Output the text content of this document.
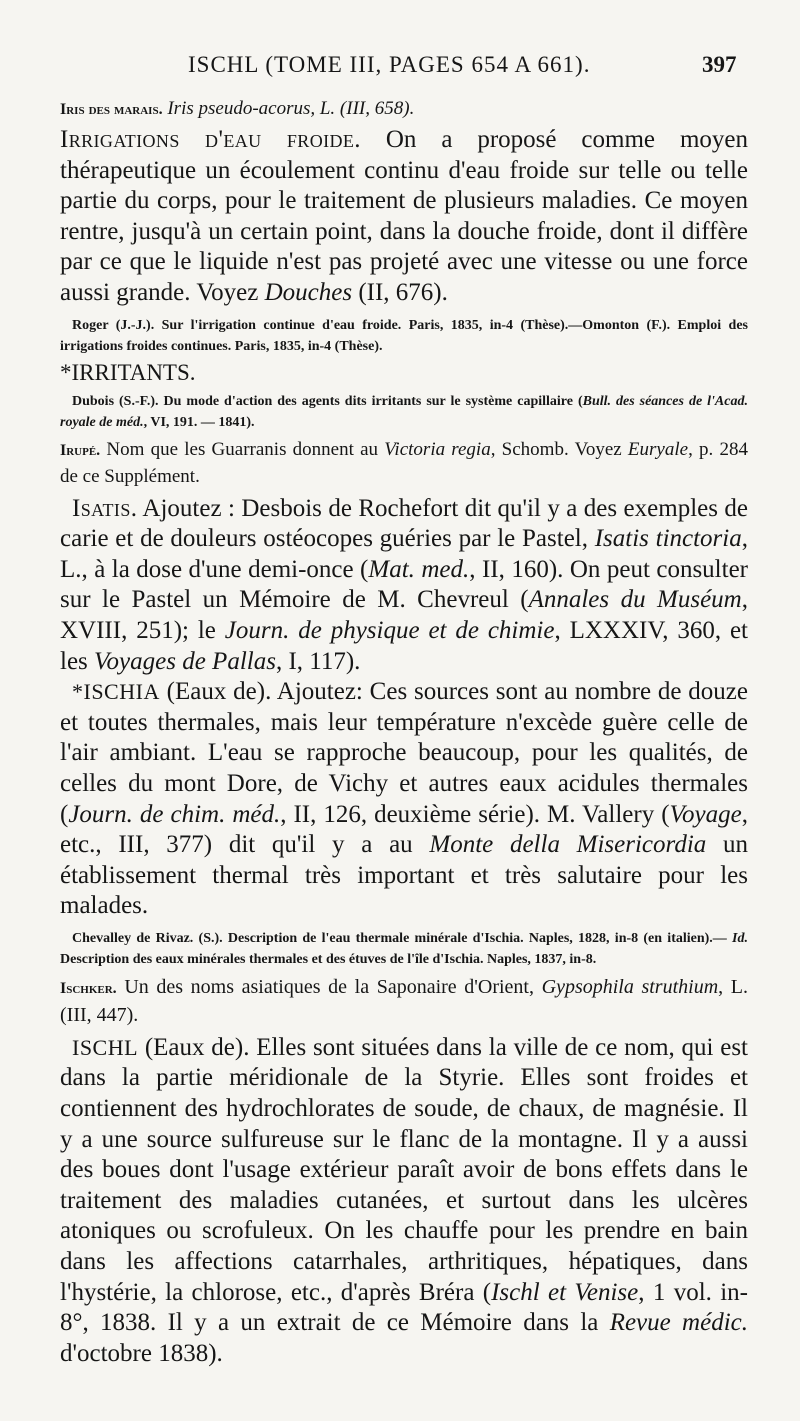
ISCHL (TOME III, PAGES 654 A 661).	397

Iris des marais. Iris pseudo-acorus, L. (III, 658).

Irrigations d'eau froide. On a proposé comme moyen thérapeutique un écoulement continu d'eau froide sur telle ou telle partie du corps, pour le traitement de plusieurs maladies. Ce moyen rentre, jusqu'à un certain point, dans la douche froide, dont il diffère par ce que le liquide n'est pas projeté avec une vitesse ou une force aussi grande. Voyez Douches (II, 676).

Roger (J.-J.). Sur l'irrigation continue d'eau froide. Paris, 1835, in-4 (Thèse).—Omonton (F.). Emploi des irrigations froides continues. Paris, 1835, in-4 (Thèse).

*IRRITANTS.

Dubois (S.-F.). Du mode d'action des agents dits irritants sur le système capillaire (Bull. des séances de l'Acad. royale de méd., VI, 191. — 1841).

Irupé. Nom que les Guarranis donnent au Victoria regia, Schomb. Voyez Euryale, p. 284 de ce Supplément.

Isatis. Ajoutez : Desbois de Rochefort dit qu'il y a des exemples de carie et de douleurs ostéocopes guéries par le Pastel, Isatis tinctoria, L., à la dose d'une demi-once (Mat. med., II, 160). On peut consulter sur le Pastel un Mémoire de M. Chevreul (Annales du Muséum, XVIII, 251); le Journ. de physique et de chimie, LXXXIV, 360, et les Voyages de Pallas, I, 117).

*ISCHIA (Eaux de). Ajoutez: Ces sources sont au nombre de douze et toutes thermales, mais leur température n'excède guère celle de l'air ambiant. L'eau se rapproche beaucoup, pour les qualités, de celles du mont Dore, de Vichy et autres eaux acidules thermales (Journ. de chim. méd., II, 126, deuxième série). M. Vallery (Voyage, etc., III, 377) dit qu'il y a au Monte della Misericordia un établissement thermal très important et très salutaire pour les malades.

Chevalley de Rivaz. (S.). Description de l'eau thermale minérale d'Ischia. Naples, 1828, in-8 (en italien).— Id. Description des eaux minérales thermales et des étuves de l'île d'Ischia. Naples, 1837, in-8.

Ischker. Un des noms asiatiques de la Saponaire d'Orient, Gypsophila struthium, L. (III, 447).

ISCHL (Eaux de). Elles sont situées dans la ville de ce nom, qui est dans la partie méridionale de la Styrie. Elles sont froides et contiennent des hydrochlorates de soude, de chaux, de magnésie. Il y a une source sulfureuse sur le flanc de la montagne. Il y a aussi des boues dont l'usage extérieur paraît avoir de bons effets dans le traitement des maladies cutanées, et surtout dans les ulcères atoniques ou scrofuleux. On les chauffe pour les prendre en bain dans les affections catarrhales, arthritiques, hépatiques, dans l'hystérie, la chlorose, etc., d'après Bréra (Ischl et Venise, 1 vol. in-8°, 1838. Il y a un extrait de ce Mémoire dans la Revue médic. d'octobre 1838).
